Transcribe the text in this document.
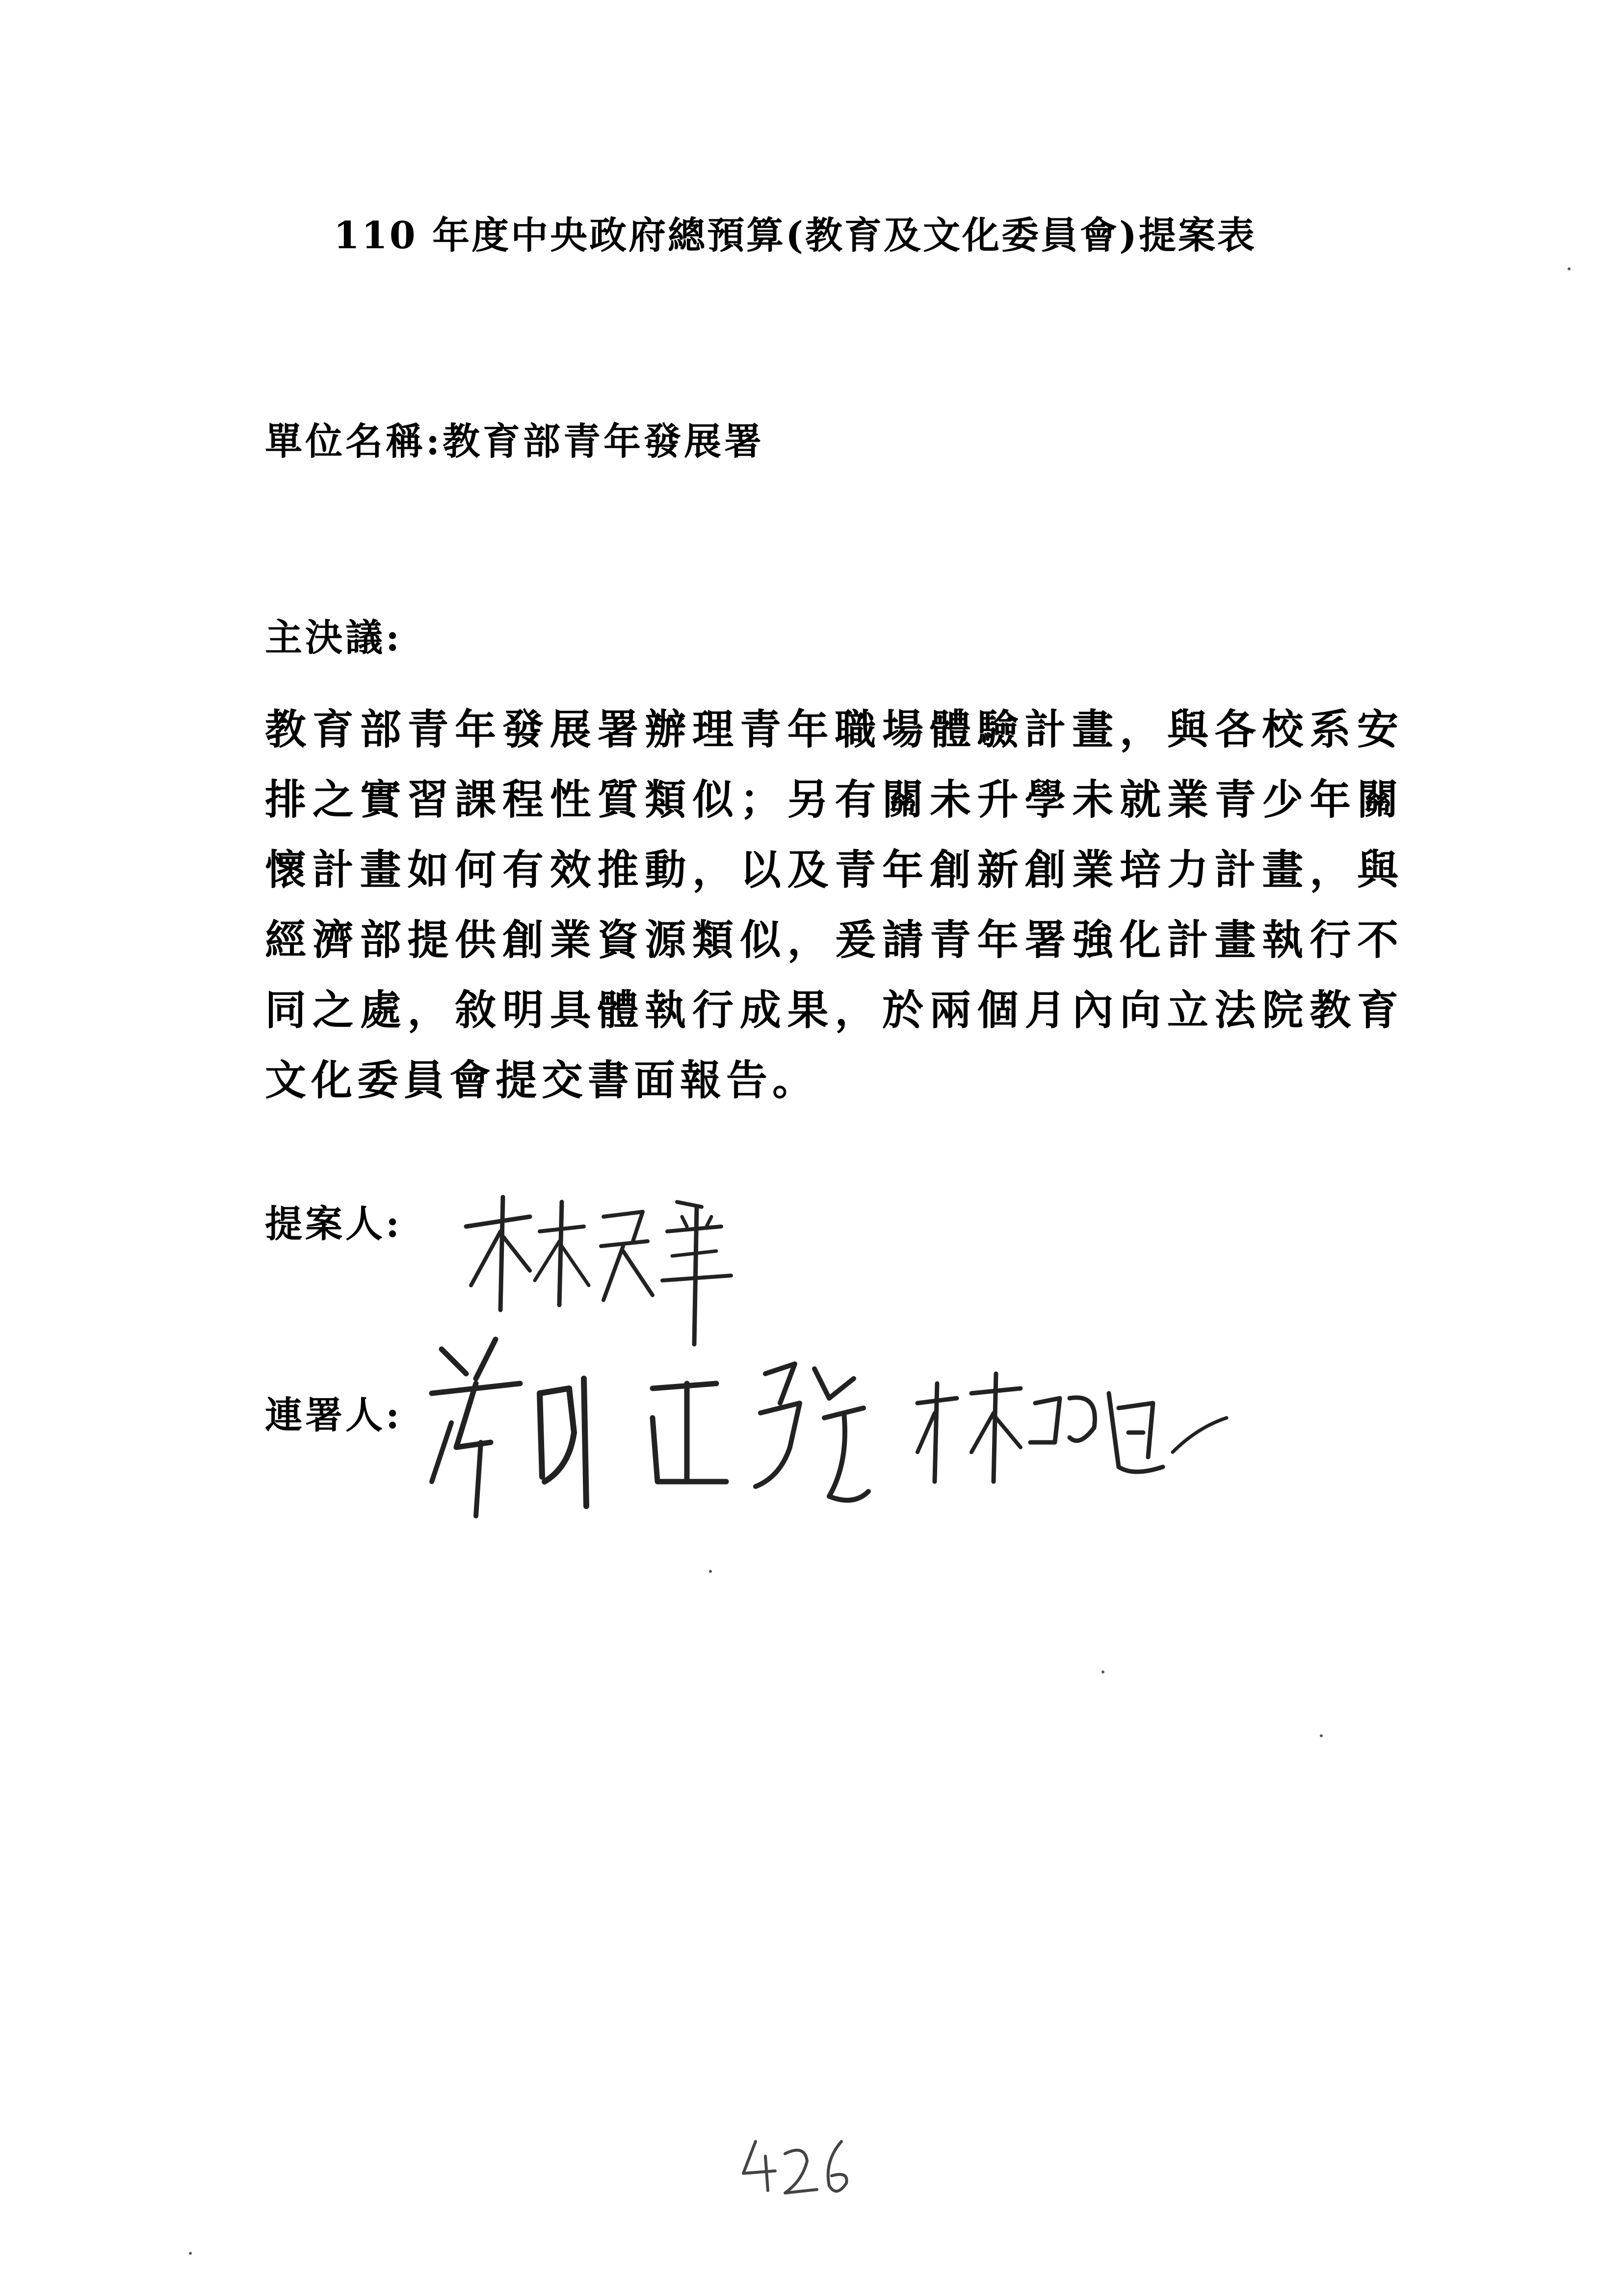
110 年度中央政府總預算(教育及文化委員會)提案表
單位名稱:教育部青年發展署
主決議:
教育部青年發展署辦理青年職場體驗計畫，與各校系安排之實習課程性質類似；另有關未升學未就業青少年關懷計畫如何有效推動，以及青年創新創業培力計畫，與經濟部提供創業資源類似，爰請青年署強化計畫執行不同之處，敘明具體執行成果，於兩個月內向立法院教育文化委員會提交書面報告。
提案人:
連署人:
